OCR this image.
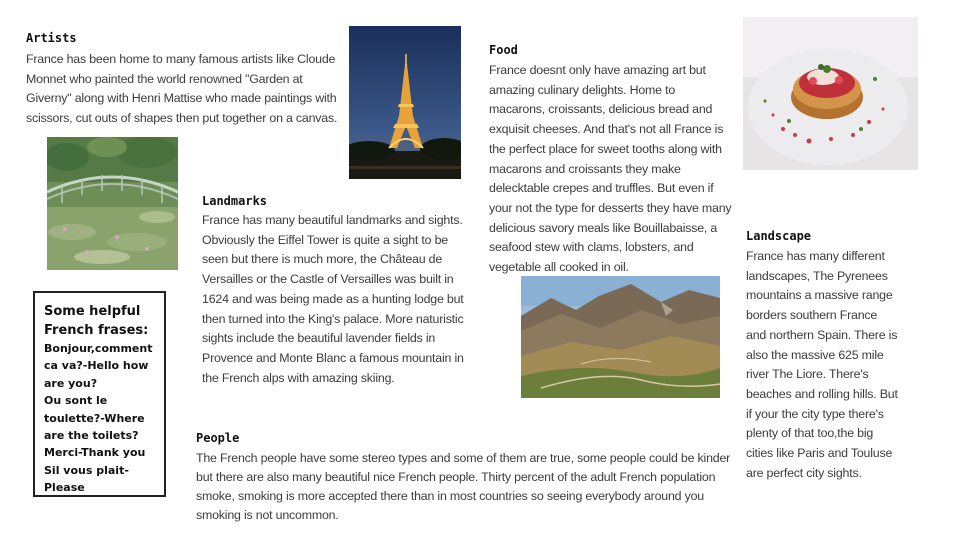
Artists

France has been home to many famous artists like Cloude Monnet who painted the world renowned "Garden at Giverny" along with Henri Mattise who made paintings with scissors, cut outs of shapes then put together on a canvas.

Food

France doesnt only have amazing art but amazing culinary delights. Home to macarons, croissants, delicious bread and exquisit cheeses. And that's not all France is the perfect place for sweet tooths along with macarons and croissants they make delecktable crepes and truffles. But even if your not the type for desserts they have many delicious savory meals like Bouillabaisse, a seafood stew with clams, lobsters, and vegetable all cooked in oil.

Landmarks

France has many beautiful landmarks and sights. Obviously the Eiffel Tower is quite a sight to be seen but there is much more, the Château de Versailles or the Castle of Versailles was built in 1624 and was being made as a hunting lodge but then turned into the King's palace. More naturistic sights include the beautiful lavender fields in Provence and Monte Blanc a famous mountain in the French alps with amazing skiing.

Landscape

France has many different landscapes, The Pyrenees mountains a massive range borders southern France and northern Spain. There is also the massive 625 mile river The Liore. There's beaches and rolling hills. But if your the city type there's plenty of that too,the big cities like Paris and Touluse are perfect city sights.

Some helpful French frases:

Bonjour,comment ca va?-Hello how are you?
Ou sont le toulette?-Where are the toilets?
Merci-Thank you
Sil vous plait-Please
People

The French people have some stereo types and some of them are true, some people could be kinder but there are also many beautiful nice French people. Thirty percent of the adult French population smoke, smoking is more accepted there than in most countries so seeing everybody around you smoking is not uncommon.
